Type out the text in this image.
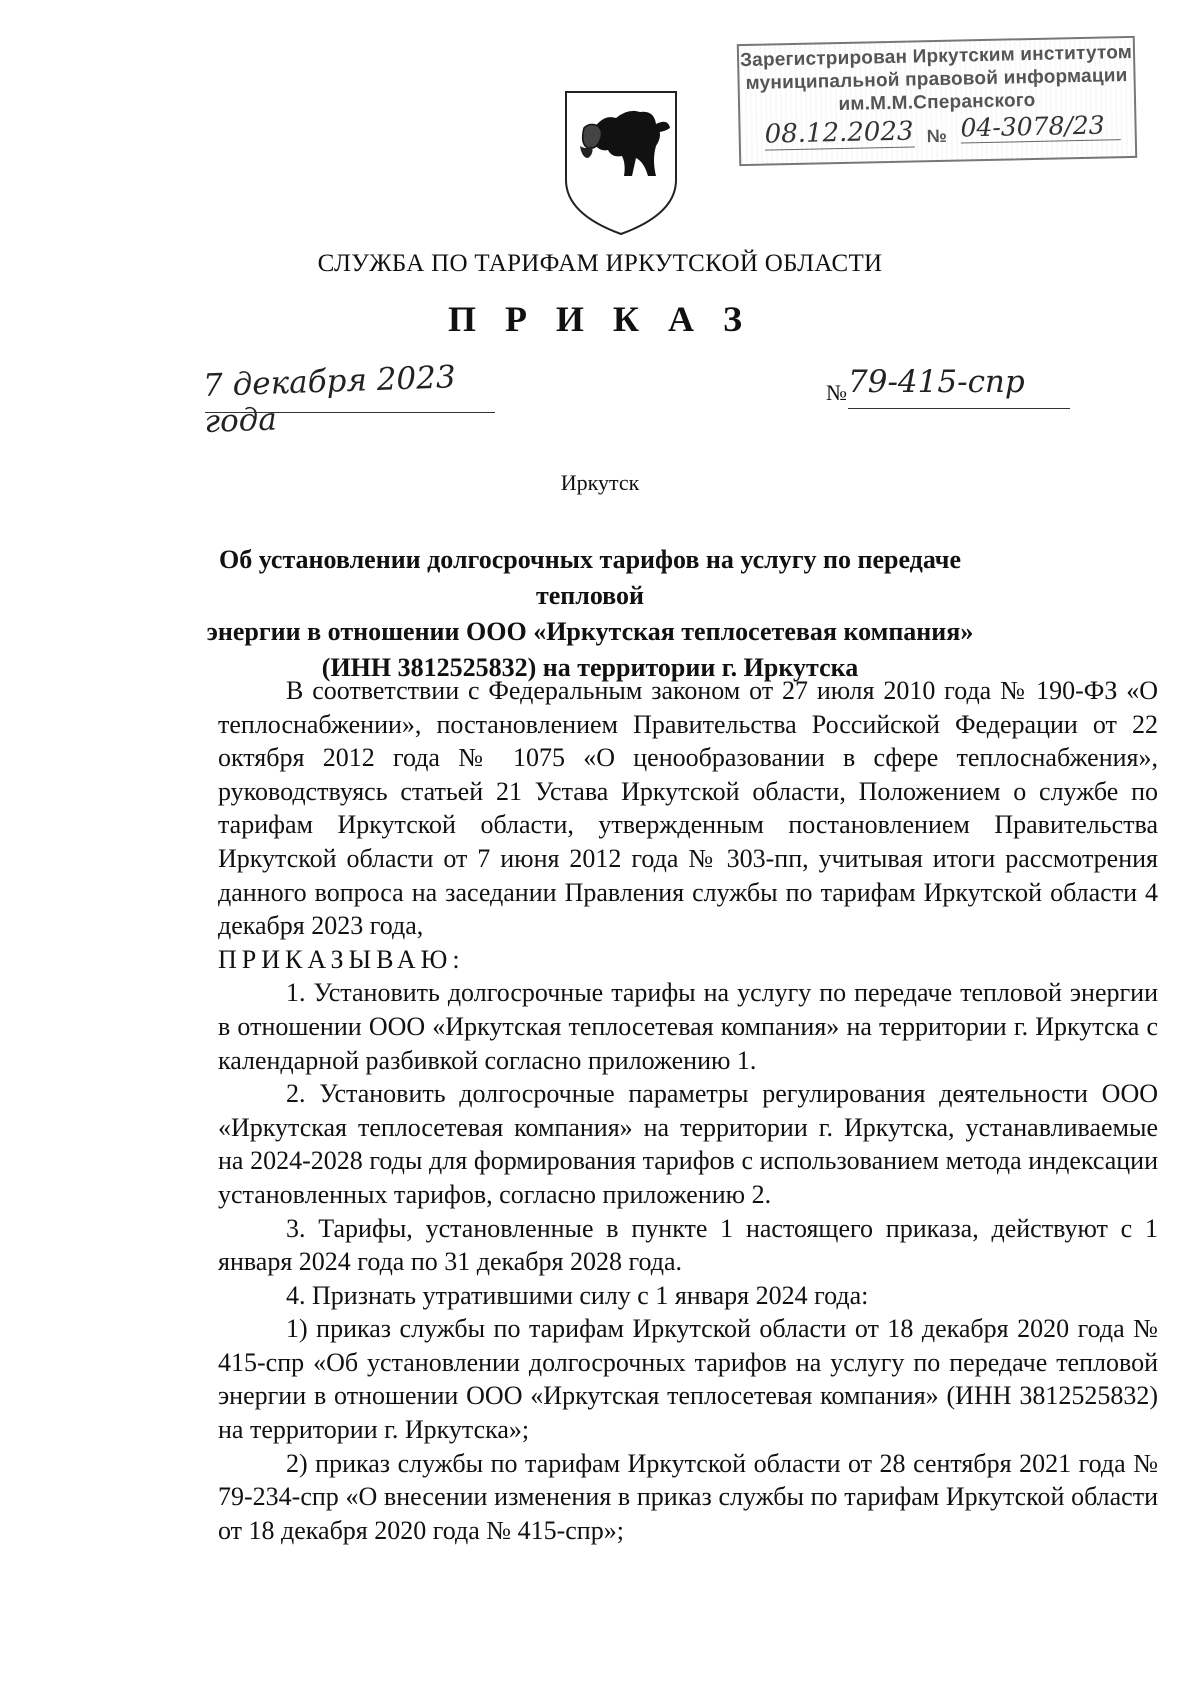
Зарегистрирован Иркутским институтом
муниципальной правовой информации
им.М.М.Сперанского
08.12.2023 № 04-3078/23
СЛУЖБА ПО ТАРИФАМ ИРКУТСКОЙ ОБЛАСТИ
П Р И К А З
7 декабря 2023 года
№ 79-415-спр
Иркутск
Об установлении долгосрочных тарифов на услугу по передаче тепловой
энергии в отношении ООО «Иркутская теплосетевая компания»
(ИНН 3812525832) на территории г. Иркутска

В соответствии с Федеральным законом от 27 июля 2010 года № 190-ФЗ «О теплоснабжении», постановлением Правительства Российской Федерации от 22 октября 2012 года № 1075 «О ценообразовании в сфере теплоснабжения», руководствуясь статьей 21 Устава Иркутской области, Положением о службе по тарифам Иркутской области, утвержденным постановлением Правительства Иркутской области от 7 июня 2012 года № 303-пп, учитывая итоги рассмотрения данного вопроса на заседании Правления службы по тарифам Иркутской области 4 декабря 2023 года,

ПРИКАЗЫВАЮ:

1. Установить долгосрочные тарифы на услугу по передаче тепловой энергии в отношении ООО «Иркутская теплосетевая компания» на территории г. Иркутска с календарной разбивкой согласно приложению 1.

2. Установить долгосрочные параметры регулирования деятельности ООО «Иркутская теплосетевая компания» на территории г. Иркутска, устанавливаемые на 2024-2028 годы для формирования тарифов с использованием метода индексации установленных тарифов, согласно приложению 2.

3. Тарифы, установленные в пункте 1 настоящего приказа, действуют с 1 января 2024 года по 31 декабря 2028 года.

4. Признать утратившими силу с 1 января 2024 года:

1) приказ службы по тарифам Иркутской области от 18 декабря 2020 года № 415-спр «Об установлении долгосрочных тарифов на услугу по передаче тепловой энергии в отношении ООО «Иркутская теплосетевая компания» (ИНН 3812525832) на территории г. Иркутска»;

2) приказ службы по тарифам Иркутской области от 28 сентября 2021 года № 79-234-спр «О внесении изменения в приказ службы по тарифам Иркутской области от 18 декабря 2020 года № 415-спр»;
